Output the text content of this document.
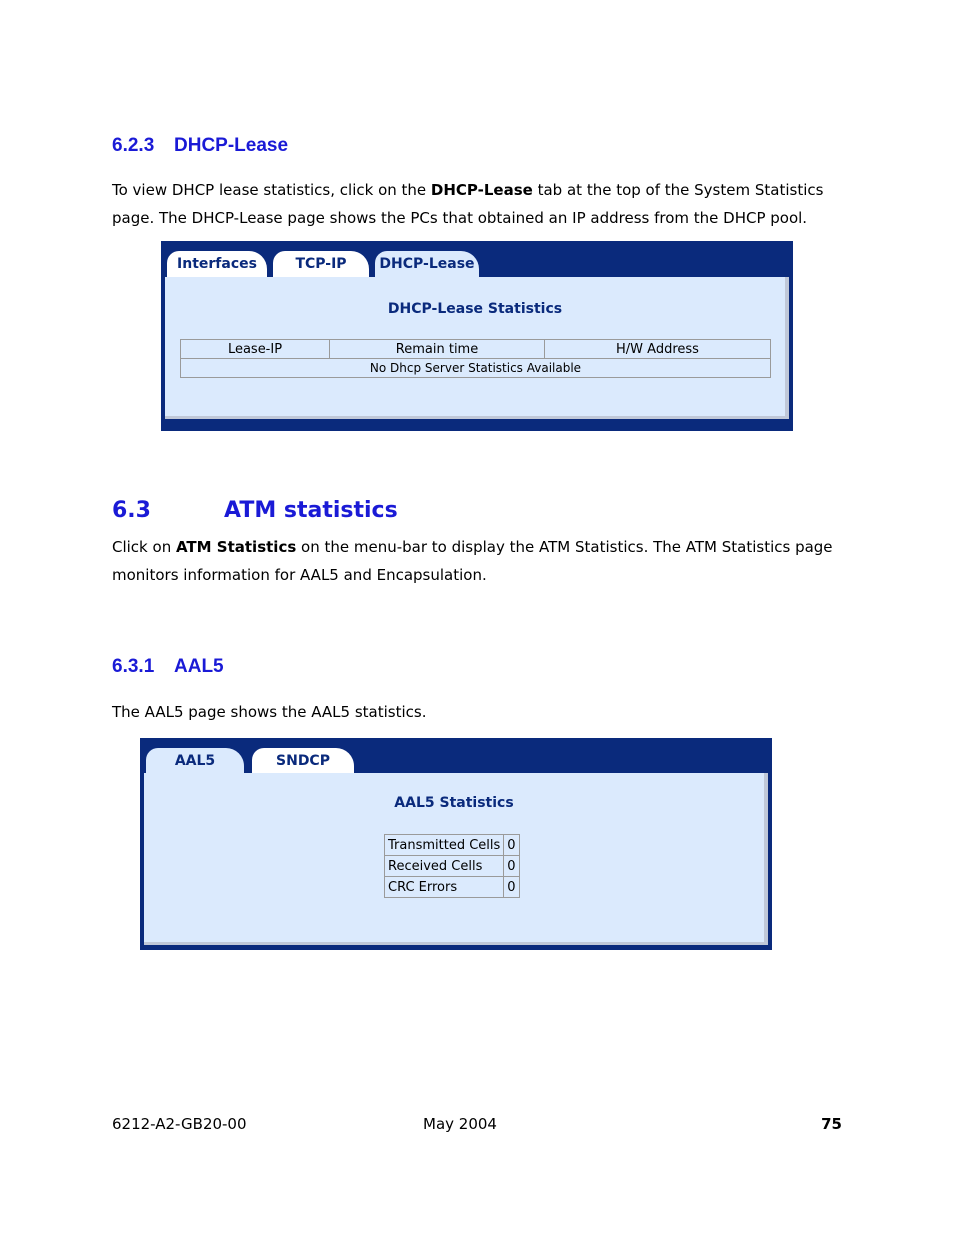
6.2.3 DHCP-Lease

To view DHCP lease statistics, click on the DHCP-Lease tab at the top of the System Statistics page. The DHCP-Lease page shows the PCs that obtained an IP address from the DHCP pool.

Interfaces	TCP-IP	DHCP-Lease
DHCP-Lease Statistics
Lease-IP	Remain time	H/W Address
No Dhcp Server Statistics Available
6.3	ATM statistics

Click on ATM Statistics on the menu-bar to display the ATM Statistics. The ATM Statistics page monitors information for AAL5 and Encapsulation.

6.3.1 AAL5

The AAL5 page shows the AAL5 statistics.

AAL5	SNDCP
AAL5 Statistics
Transmitted Cells	0
Received Cells	0
CRC Errors	0
6212-A2-GB20-00	May 2004	75
